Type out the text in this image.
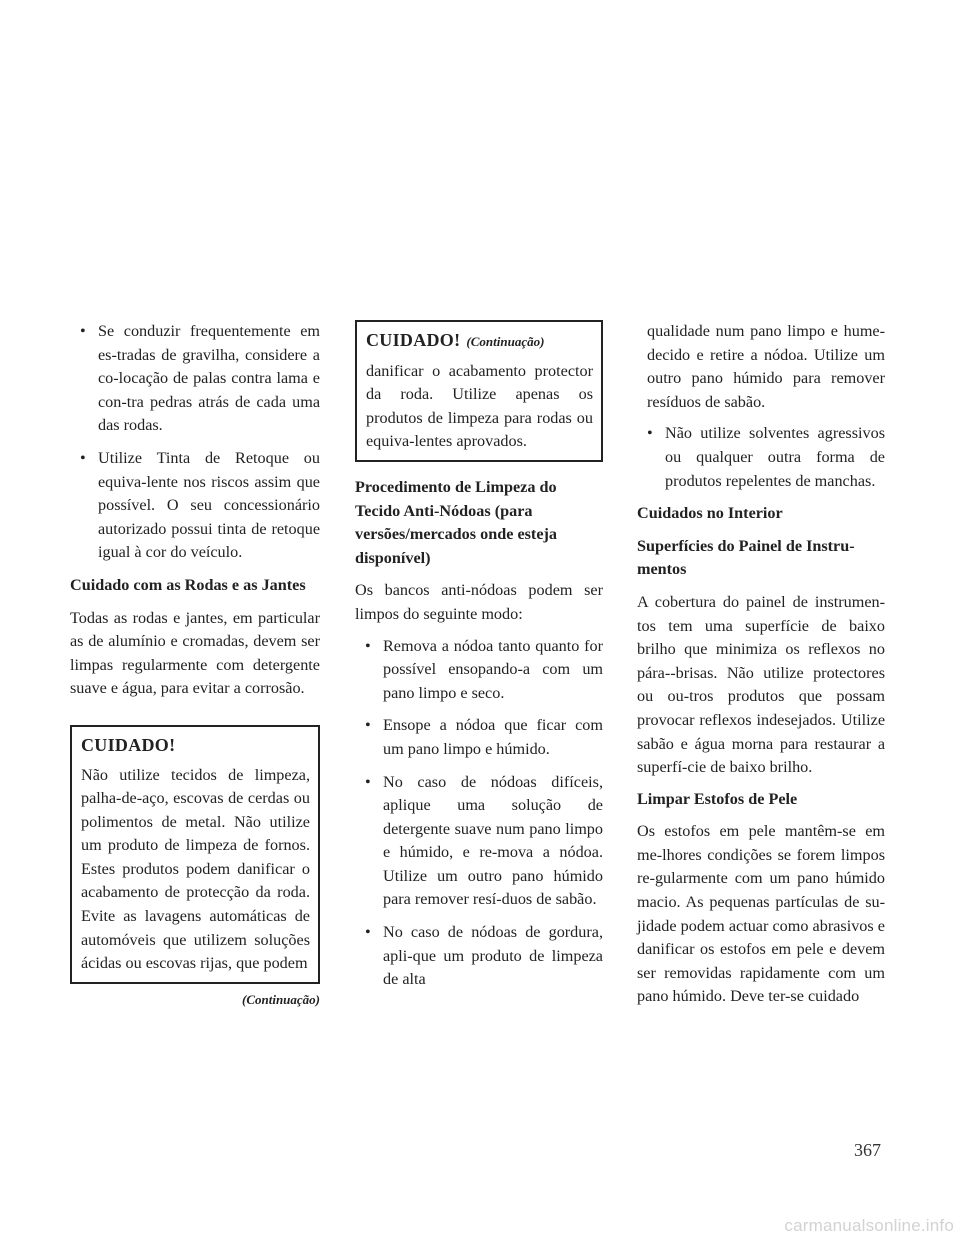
• Se conduzir frequentemente em es-tradas de gravilha, considere a co-locação de palas contra lama e con-tra pedras atrás de cada uma das rodas.

• Utilize Tinta de Retoque ou equiva-lente nos riscos assim que possível. O seu concessionário autorizado possui tinta de retoque igual à cor do veículo.

Cuidado com as Rodas e as Jantes

Todas as rodas e jantes, em particular as de alumínio e cromadas, devem ser limpas regularmente com detergente suave e água, para evitar a corrosão.

CUIDADO!

Não utilize tecidos de limpeza, palha-de-aço, escovas de cerdas ou polimentos de metal. Não utilize um produto de limpeza de fornos. Estes produtos podem danificar o acabamento de protecção da roda. Evite as lavagens automáticas de automóveis que utilizem soluções ácidas ou escovas rijas, que podem

(Continuação)
CUIDADO! (Continuação)

danificar o acabamento protector da roda. Utilize apenas os produtos de limpeza para rodas ou equiva-lentes aprovados.

Procedimento de Limpeza do Tecido Anti-Nódoas (para versões/mercados onde esteja disponível)

Os bancos anti-nódoas podem ser limpos do seguinte modo:

• Remova a nódoa tanto quanto for possível ensopando-a com um pano limpo e seco.

• Ensope a nódoa que ficar com um pano limpo e húmido.

• No caso de nódoas difíceis, aplique uma solução de detergente suave num pano limpo e húmido, e re-mova a nódoa. Utilize um outro pano húmido para remover resí-duos de sabão.

• No caso de nódoas de gordura, apli-que um produto de limpeza de alta

qualidade num pano limpo e hume-decido e retire a nódoa. Utilize um outro pano húmido para remover resíduos de sabão.

• Não utilize solventes agressivos ou qualquer outra forma de produtos repelentes de manchas.

Cuidados no Interior

Superfícies do Painel de Instru-mentos

A cobertura do painel de instrumen-tos tem uma superfície de baixo brilho que minimiza os reflexos no pára--brisas. Não utilize protectores ou ou-tros produtos que possam provocar reflexos indesejados. Utilize sabão e água morna para restaurar a superfí-cie de baixo brilho.

Limpar Estofos de Pele

Os estofos em pele mantêm-se em me-lhores condições se forem limpos re-gularmente com um pano húmido macio. As pequenas partículas de su-jidade podem actuar como abrasivos e danificar os estofos em pele e devem ser removidas rapidamente com um pano húmido. Deve ter-se cuidado

367
carmanualsonline.info
